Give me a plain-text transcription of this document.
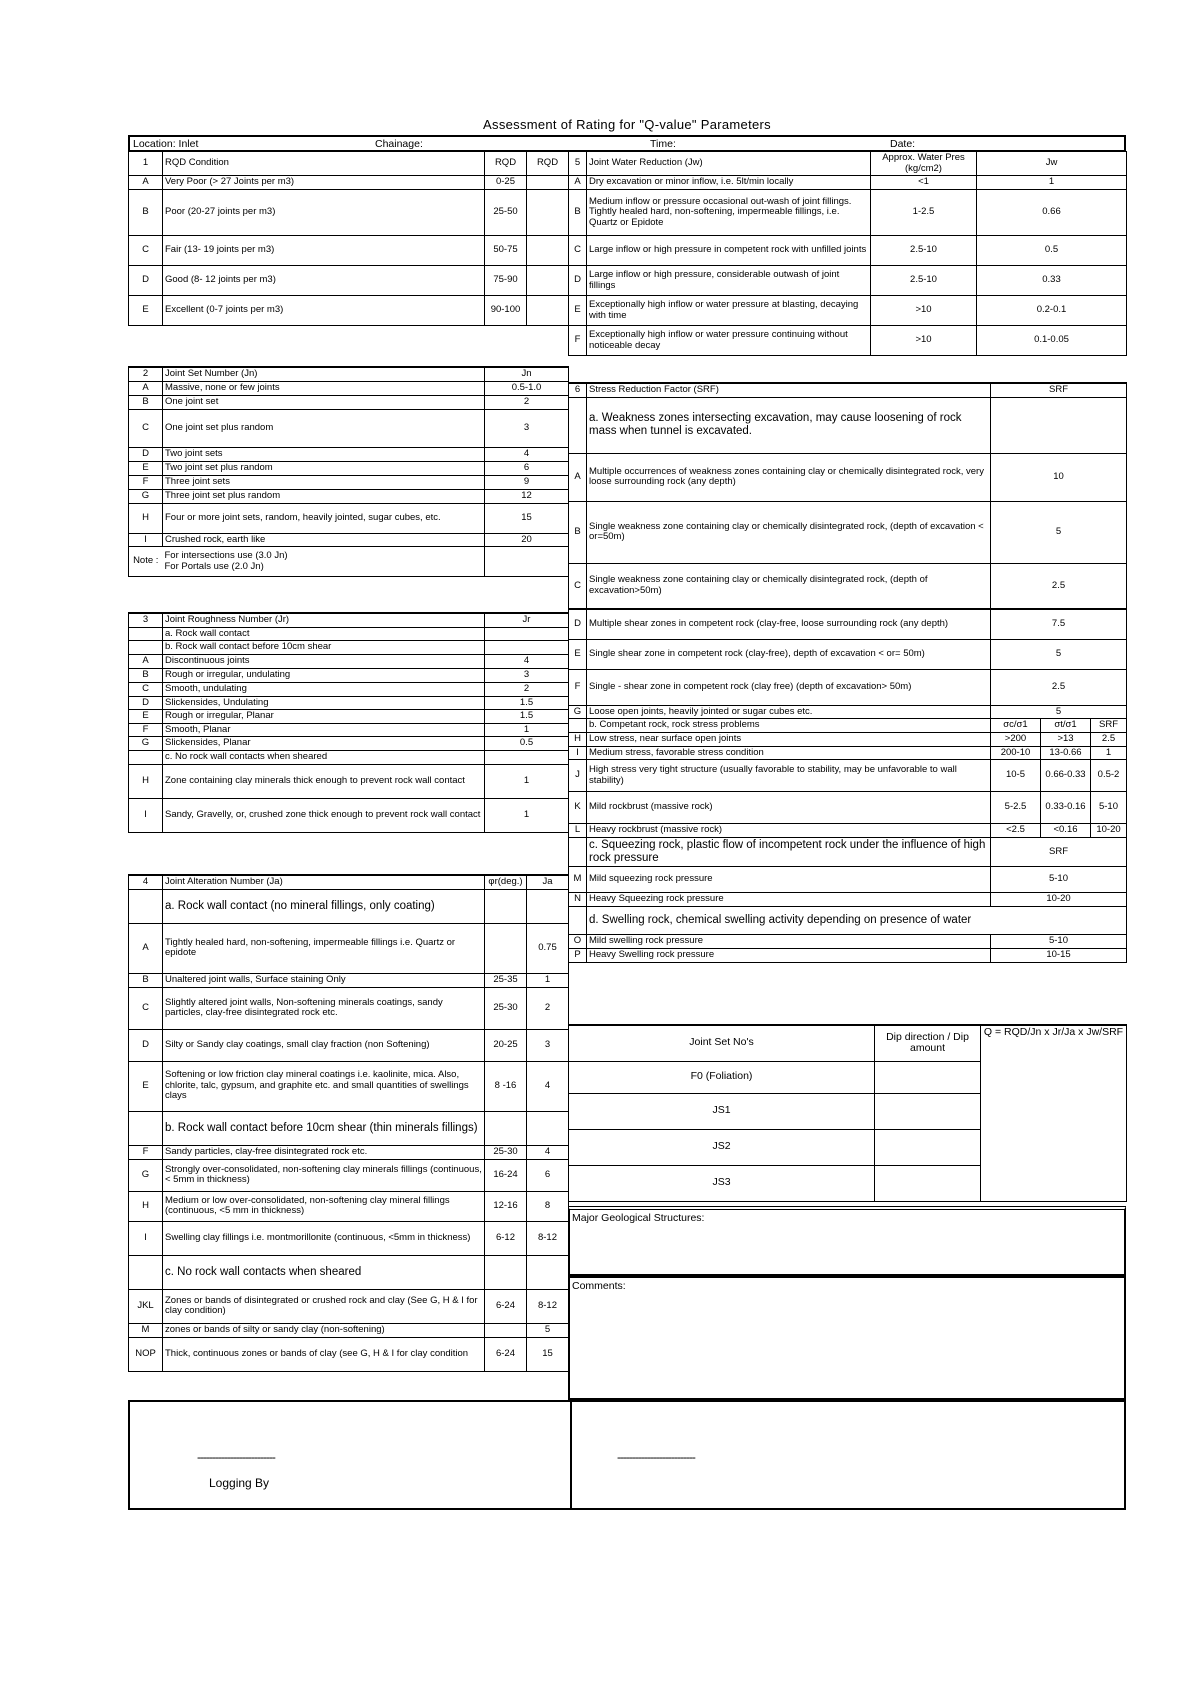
Assessment of Rating for "Q-value" Parameters
Location: Inlet	Chainage:	Time:	Date:
1	RQD Condition	RQD	RQD
A	Very Poor (> 27 Joints per m3)	0-25	
B	Poor (20-27 joints per m3)	25-50	
C	Fair (13- 19 joints per m3)	50-75	
D	Good (8- 12 joints per m3)	75-90	
E	Excellent (0-7 joints per m3)	90-100	
5	Joint Water Reduction (Jw)	Approx. Water Pres (kg/cm2)	Jw
A	Dry excavation or minor inflow, i.e. 5lt/min locally	<1	1
B	Medium inflow or pressure occasional out-wash of joint fillings. Tightly healed hard, non-softening, impermeable fillings, i.e. Quartz or Epidote	1-2.5	0.66
C	Large inflow or high pressure in competent rock with unfilled joints	2.5-10	0.5
D	Large inflow or high pressure, considerable outwash of joint fillings	2.5-10	0.33
E	Exceptionally high inflow or water pressure at blasting, decaying with time	>10	0.2-0.1
F	Exceptionally high inflow or water pressure continuing without noticeable decay	>10	0.1-0.05
2	Joint Set Number (Jn)	Jn
A	Massive, none or few joints	0.5-1.0
B	One joint set	2
C	One joint set plus random	3
D	Two joint sets	4
E	Two joint set plus random	6
F	Three joint sets	9
G	Three joint set plus random	12
H	Four or more joint sets, random, heavily jointed, sugar cubes, etc.	15
I	Crushed rock, earth like	20
Note :	For intersections use (3.0 Jn)
For Portals use (2.0 Jn)	

3	Joint Roughness Number (Jr)	Jr
	a. Rock wall contact	
	b. Rock wall contact before 10cm shear	
A	Discontinuous joints	4
B	Rough or irregular, undulating	3
C	Smooth, undulating	2
D	Slickensides, Undulating	1.5
E	Rough or irregular, Planar	1.5
F	Smooth, Planar	1
G	Slickensides, Planar	0.5
	c. No rock wall contacts when sheared	
H	Zone containing clay minerals thick enough to prevent rock wall contact	1
I	Sandy, Gravelly, or, crushed zone thick enough to prevent rock wall contact	1
4	Joint Alteration Number (Ja)	φr(deg.)	Ja
	a. Rock wall contact (no mineral fillings, only coating)		
A	Tightly healed hard, non-softening, impermeable fillings i.e. Quartz or epidote		0.75
B	Unaltered joint walls, Surface staining Only	25-35	1
C	Slightly altered joint walls, Non-softening minerals coatings, sandy particles, clay-free disintegrated rock etc.	25-30	2
D	Silty or Sandy clay coatings, small clay fraction (non Softening)	20-25	3
E	Softening or low friction clay mineral coatings i.e. kaolinite, mica. Also, chlorite, talc, gypsum, and graphite etc. and small quantities of swellings clays	8 -16	4
	b. Rock wall contact before 10cm shear (thin minerals fillings)		
F	Sandy particles, clay-free disintegrated rock etc.	25-30	4
G	Strongly over-consolidated, non-softening clay minerals fillings (continuous, < 5mm in thickness)	16-24	6
H	Medium or low over-consolidated, non-softening clay mineral fillings (continuous, <5 mm in thickness)	12-16	8
I	Swelling clay fillings i.e. montmorillonite (continuous, <5mm in thickness)	6-12	8-12
	c. No rock wall contacts when sheared		
JKL	Zones or bands of disintegrated or crushed rock and clay (See G, H & I for clay condition)	6-24	8-12
M	zones or bands of silty or sandy clay (non-softening)		5
NOP	Thick, continuous zones or bands of clay (see G, H & I for clay condition	6-24	15
6	Stress Reduction Factor (SRF)	SRF		
	a. Weakness zones intersecting excavation, may cause loosening of rock mass when tunnel is excavated.			
A	Multiple occurrences of weakness zones containing clay or chemically disintegrated rock, very loose surrounding rock (any depth)	10		
B	Single weakness zone containing clay or chemically disintegrated rock, (depth of excavation < or=50m)	5		
C	Single weakness zone containing clay or chemically disintegrated rock, (depth of excavation>50m)	2.5		
D	Multiple shear zones in competent rock (clay-free, loose surrounding rock (any depth)	7.5		
E	Single shear zone in competent rock (clay-free), depth of excavation < or= 50m)	5		
F	Single - shear zone in competent rock (clay free) (depth of excavation> 50m)	2.5		
G	Loose open joints, heavily jointed or sugar cubes etc.	5		
	b. Competant rock, rock stress problems	σc/σ1	σt/σ1	SRF
H	Low stress, near surface open joints	>200	>13	2.5
I	Medium stress, favorable stress condition	200-10	13-0.66	1
J	High stress very tight structure (usually favorable to stability, may be unfavorable to wall stability)	10-5	0.66-0.33	0.5-2
K	Mild rockbrust (massive rock)	5-2.5	0.33-0.16	5-10
L	Heavy rockbrust (massive rock)	<2.5	<0.16	10-20
	c. Squeezing rock, plastic flow of incompetent rock under the influence of high rock pressure	SRF		
M	Mild squeezing rock pressure	5-10		
N	Heavy Squeezing rock pressure	10-20		
	d. Swelling rock, chemical swelling activity depending on presence of water			
O	Mild swelling rock pressure	5-10		
P	Heavy Swelling rock pressure	10-15		
Joint Set No's	Dip direction / Dip amount	Q = RQD/Jn x Jr/Ja x Jw/SRF
F0 (Foliation)		
JS1		
JS2		
JS3		
Major Geological Structures:
Comments:
--------------------------
Logging By
--------------------------
